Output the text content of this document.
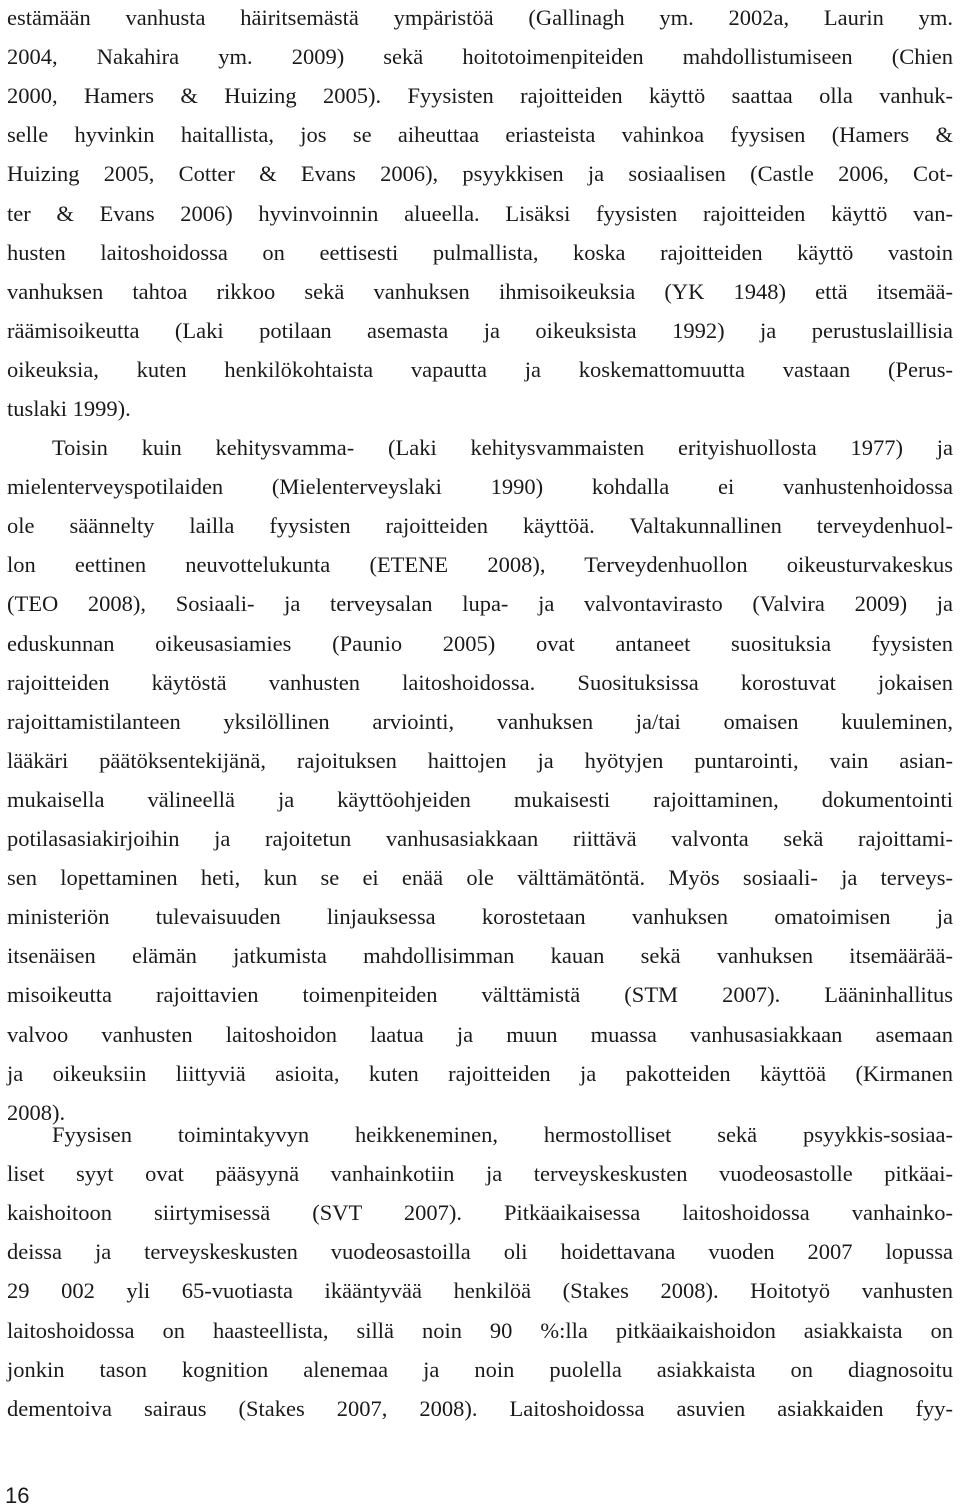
estämään vanhusta häiritsemästä ympäristöä (Gallinagh ym. 2002a, Laurin ym.
2004, Nakahira ym. 2009) sekä hoitotoimenpiteiden mahdollistumiseen (Chien
2000, Hamers & Huizing 2005). Fyysisten rajoitteiden käyttö saattaa olla vanhuk-
selle hyvinkin haitallista, jos se aiheuttaa eriasteista vahinkoa fyysisen (Hamers &
Huizing 2005, Cotter & Evans 2006), psyykkisen ja sosiaalisen (Castle 2006, Cot-
ter & Evans 2006) hyvinvoinnin alueella. Lisäksi fyysisten rajoitteiden käyttö van-
husten laitoshoidossa on eettisesti pulmallista, koska rajoitteiden käyttö vastoin
vanhuksen tahtoa rikkoo sekä vanhuksen ihmisoikeuksia (YK 1948) että itsemää-
räämisoikeutta (Laki potilaan asemasta ja oikeuksista 1992) ja perustuslaillisia
oikeuksia, kuten henkilökohtaista vapautta ja koskemattomuutta vastaan (Perus-
tuslaki 1999).
Toisin kuin kehitysvamma- (Laki kehitysvammaisten erityishuollosta 1977) ja
mielenterveyspotilaiden (Mielenterveyslaki 1990) kohdalla ei vanhustenhoidossa
ole säännelty lailla fyysisten rajoitteiden käyttöä. Valtakunnallinen terveydenhuol-
lon eettinen neuvottelukunta (ETENE 2008), Terveydenhuollon oikeusturvakeskus
(TEO 2008), Sosiaali- ja terveysalan lupa- ja valvontavirasto (Valvira 2009) ja
eduskunnan oikeusasiamies (Paunio 2005) ovat antaneet suosituksia fyysisten
rajoitteiden käytöstä vanhusten laitoshoidossa. Suosituksissa korostuvat jokaisen
rajoittamistilanteen yksilöllinen arviointi, vanhuksen ja/tai omaisen kuuleminen,
lääkäri päätöksentekijänä, rajoituksen haittojen ja hyötyjen puntarointi, vain asian-
mukaisella välineellä ja käyttöohjeiden mukaisesti rajoittaminen, dokumentointi
potilasasiakirjoihin ja rajoitetun vanhusasiakkaan riittävä valvonta sekä rajoittami-
sen lopettaminen heti, kun se ei enää ole välttämätöntä. Myös sosiaali- ja terveys-
ministeriön tulevaisuuden linjauksessa korostetaan vanhuksen omatoimisen ja
itsenäisen elämän jatkumista mahdollisimman kauan sekä vanhuksen itsemäärää-
misoikeutta rajoittavien toimenpiteiden välttämistä (STM 2007). Lääninhallitus
valvoo vanhusten laitoshoidon laatua ja muun muassa vanhusasiakkaan asemaan
ja oikeuksiin liittyviä asioita, kuten rajoitteiden ja pakotteiden käyttöä (Kirmanen
2008).
Fyysisen toimintakyvyn heikkeneminen, hermostolliset sekä psyykkis-sosiaa-
liset syyt ovat pääsyynä vanhainkotiin ja terveyskeskusten vuodeosastolle pitkäai-
kaishoitoon siirtymisessä (SVT 2007). Pitkäaikaisessa laitoshoidossa vanhainko-
deissa ja terveyskeskusten vuodeosastoilla oli hoidettavana vuoden 2007 lopussa
29 002 yli 65-vuotiasta ikääntyvää henkilöä (Stakes 2008). Hoitotyö vanhusten
laitoshoidossa on haasteellista, sillä noin 90 %:lla pitkäaikaishoidon asiakkaista on
jonkin tason kognition alenemaa ja noin puolella asiakkaista on diagnosoitu
dementoiva sairaus (Stakes 2007, 2008). Laitoshoidossa asuvien asiakkaiden fyy-
16
